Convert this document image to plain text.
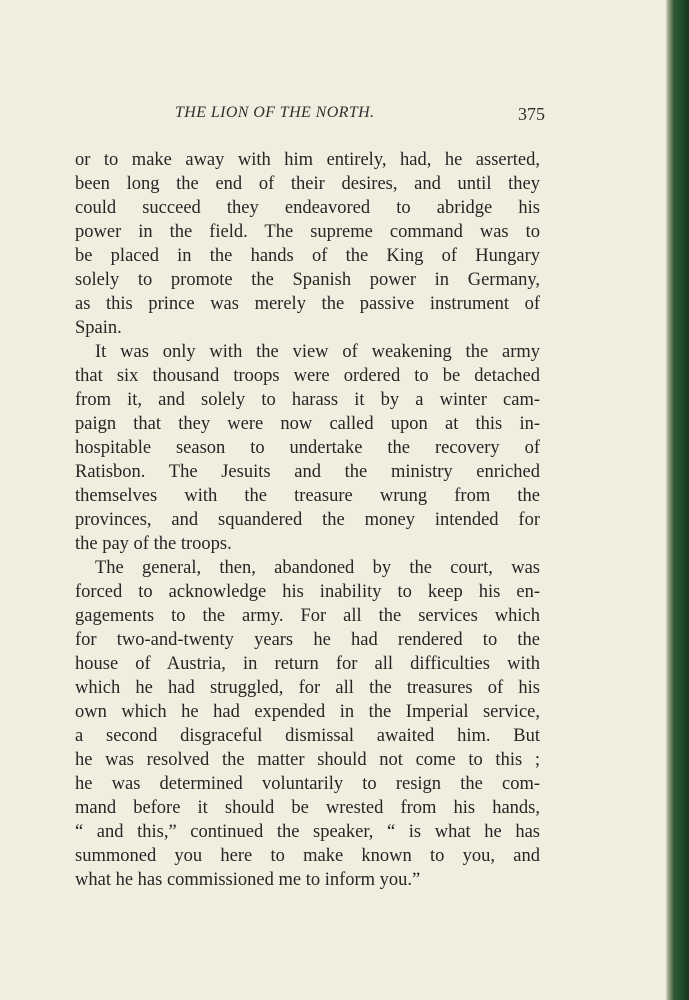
THE LION OF THE NORTH.	375
or to make away with him entirely, had, he asserted,
been long the end of their desires, and until they
could succeed they endeavored to abridge his
power in the field. The supreme command was to
be placed in the hands of the King of Hungary
solely to promote the Spanish power in Germany,
as this prince was merely the passive instrument of
Spain.
It was only with the view of weakening the army
that six thousand troops were ordered to be detached
from it, and solely to harass it by a winter cam-
paign that they were now called upon at this in-
hospitable season to undertake the recovery of
Ratisbon. The Jesuits and the ministry enriched
themselves with the treasure wrung from the
provinces, and squandered the money intended for
the pay of the troops.
The general, then, abandoned by the court, was
forced to acknowledge his inability to keep his en-
gagements to the army. For all the services which
for two-and-twenty years he had rendered to the
house of Austria, in return for all difficulties with
which he had struggled, for all the treasures of his
own which he had expended in the Imperial service,
a second disgraceful dismissal awaited him. But
he was resolved the matter should not come to this ;
he was determined voluntarily to resign the com-
mand before it should be wrested from his hands,
“ and this,” continued the speaker, “ is what he has
summoned you here to make known to you, and
what he has commissioned me to inform you.”
